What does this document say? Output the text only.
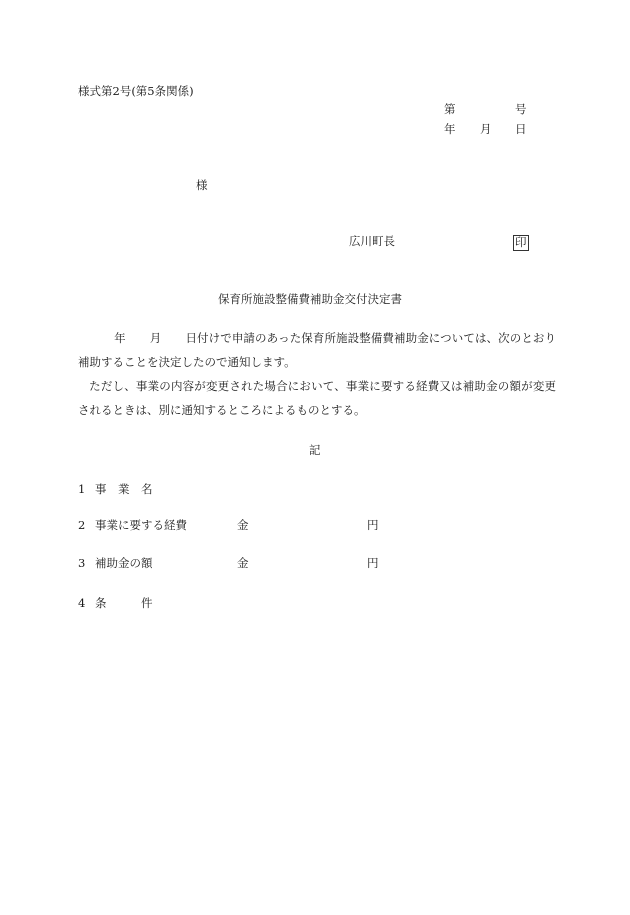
様式第2号(第5条関係)
第	号
年 月 日
様
広川町長	印
保育所施設整備費補助金交付決定書
年 月 日付けで申請のあった保育所施設整備費補助金については、次のとおり補助することを決定したので通知します。
ただし、事業の内容が変更された場合において、事業に要する経費又は補助金の額が変更されるときは、別に通知するところによるものとする。
記
1 事　業　名
2 事業に要する経費	金	円
3 補助金の額	金	円
4 条　　　件
